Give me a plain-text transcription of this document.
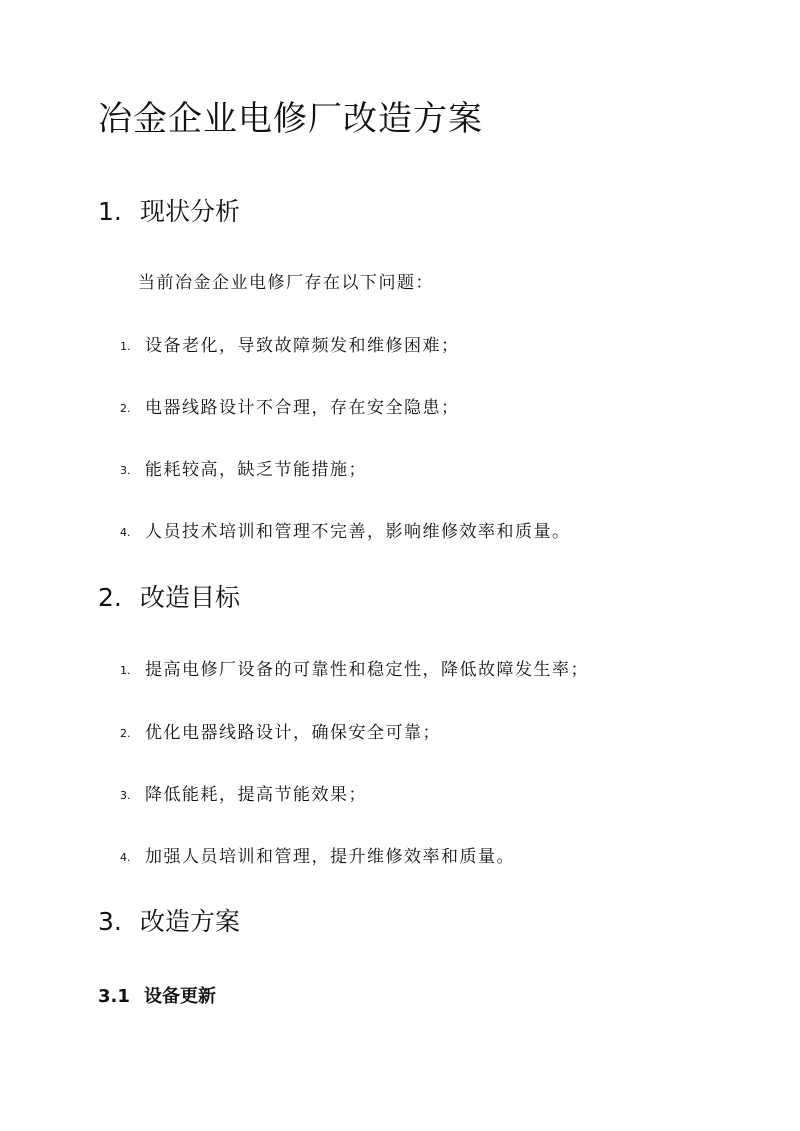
冶金企业电修厂改造方案
1. 现状分析

当前冶金企业电修厂存在以下问题：

1. 设备老化，导致故障频发和维修困难；

2. 电器线路设计不合理，存在安全隐患；

3. 能耗较高，缺乏节能措施；

4. 人员技术培训和管理不完善，影响维修效率和质量。

2. 改造目标

1. 提高电修厂设备的可靠性和稳定性，降低故障发生率；

2. 优化电器线路设计，确保安全可靠；

3. 降低能耗，提高节能效果；

4. 加强人员培训和管理，提升维修效率和质量。

3. 改造方案
3.1 设备更新
